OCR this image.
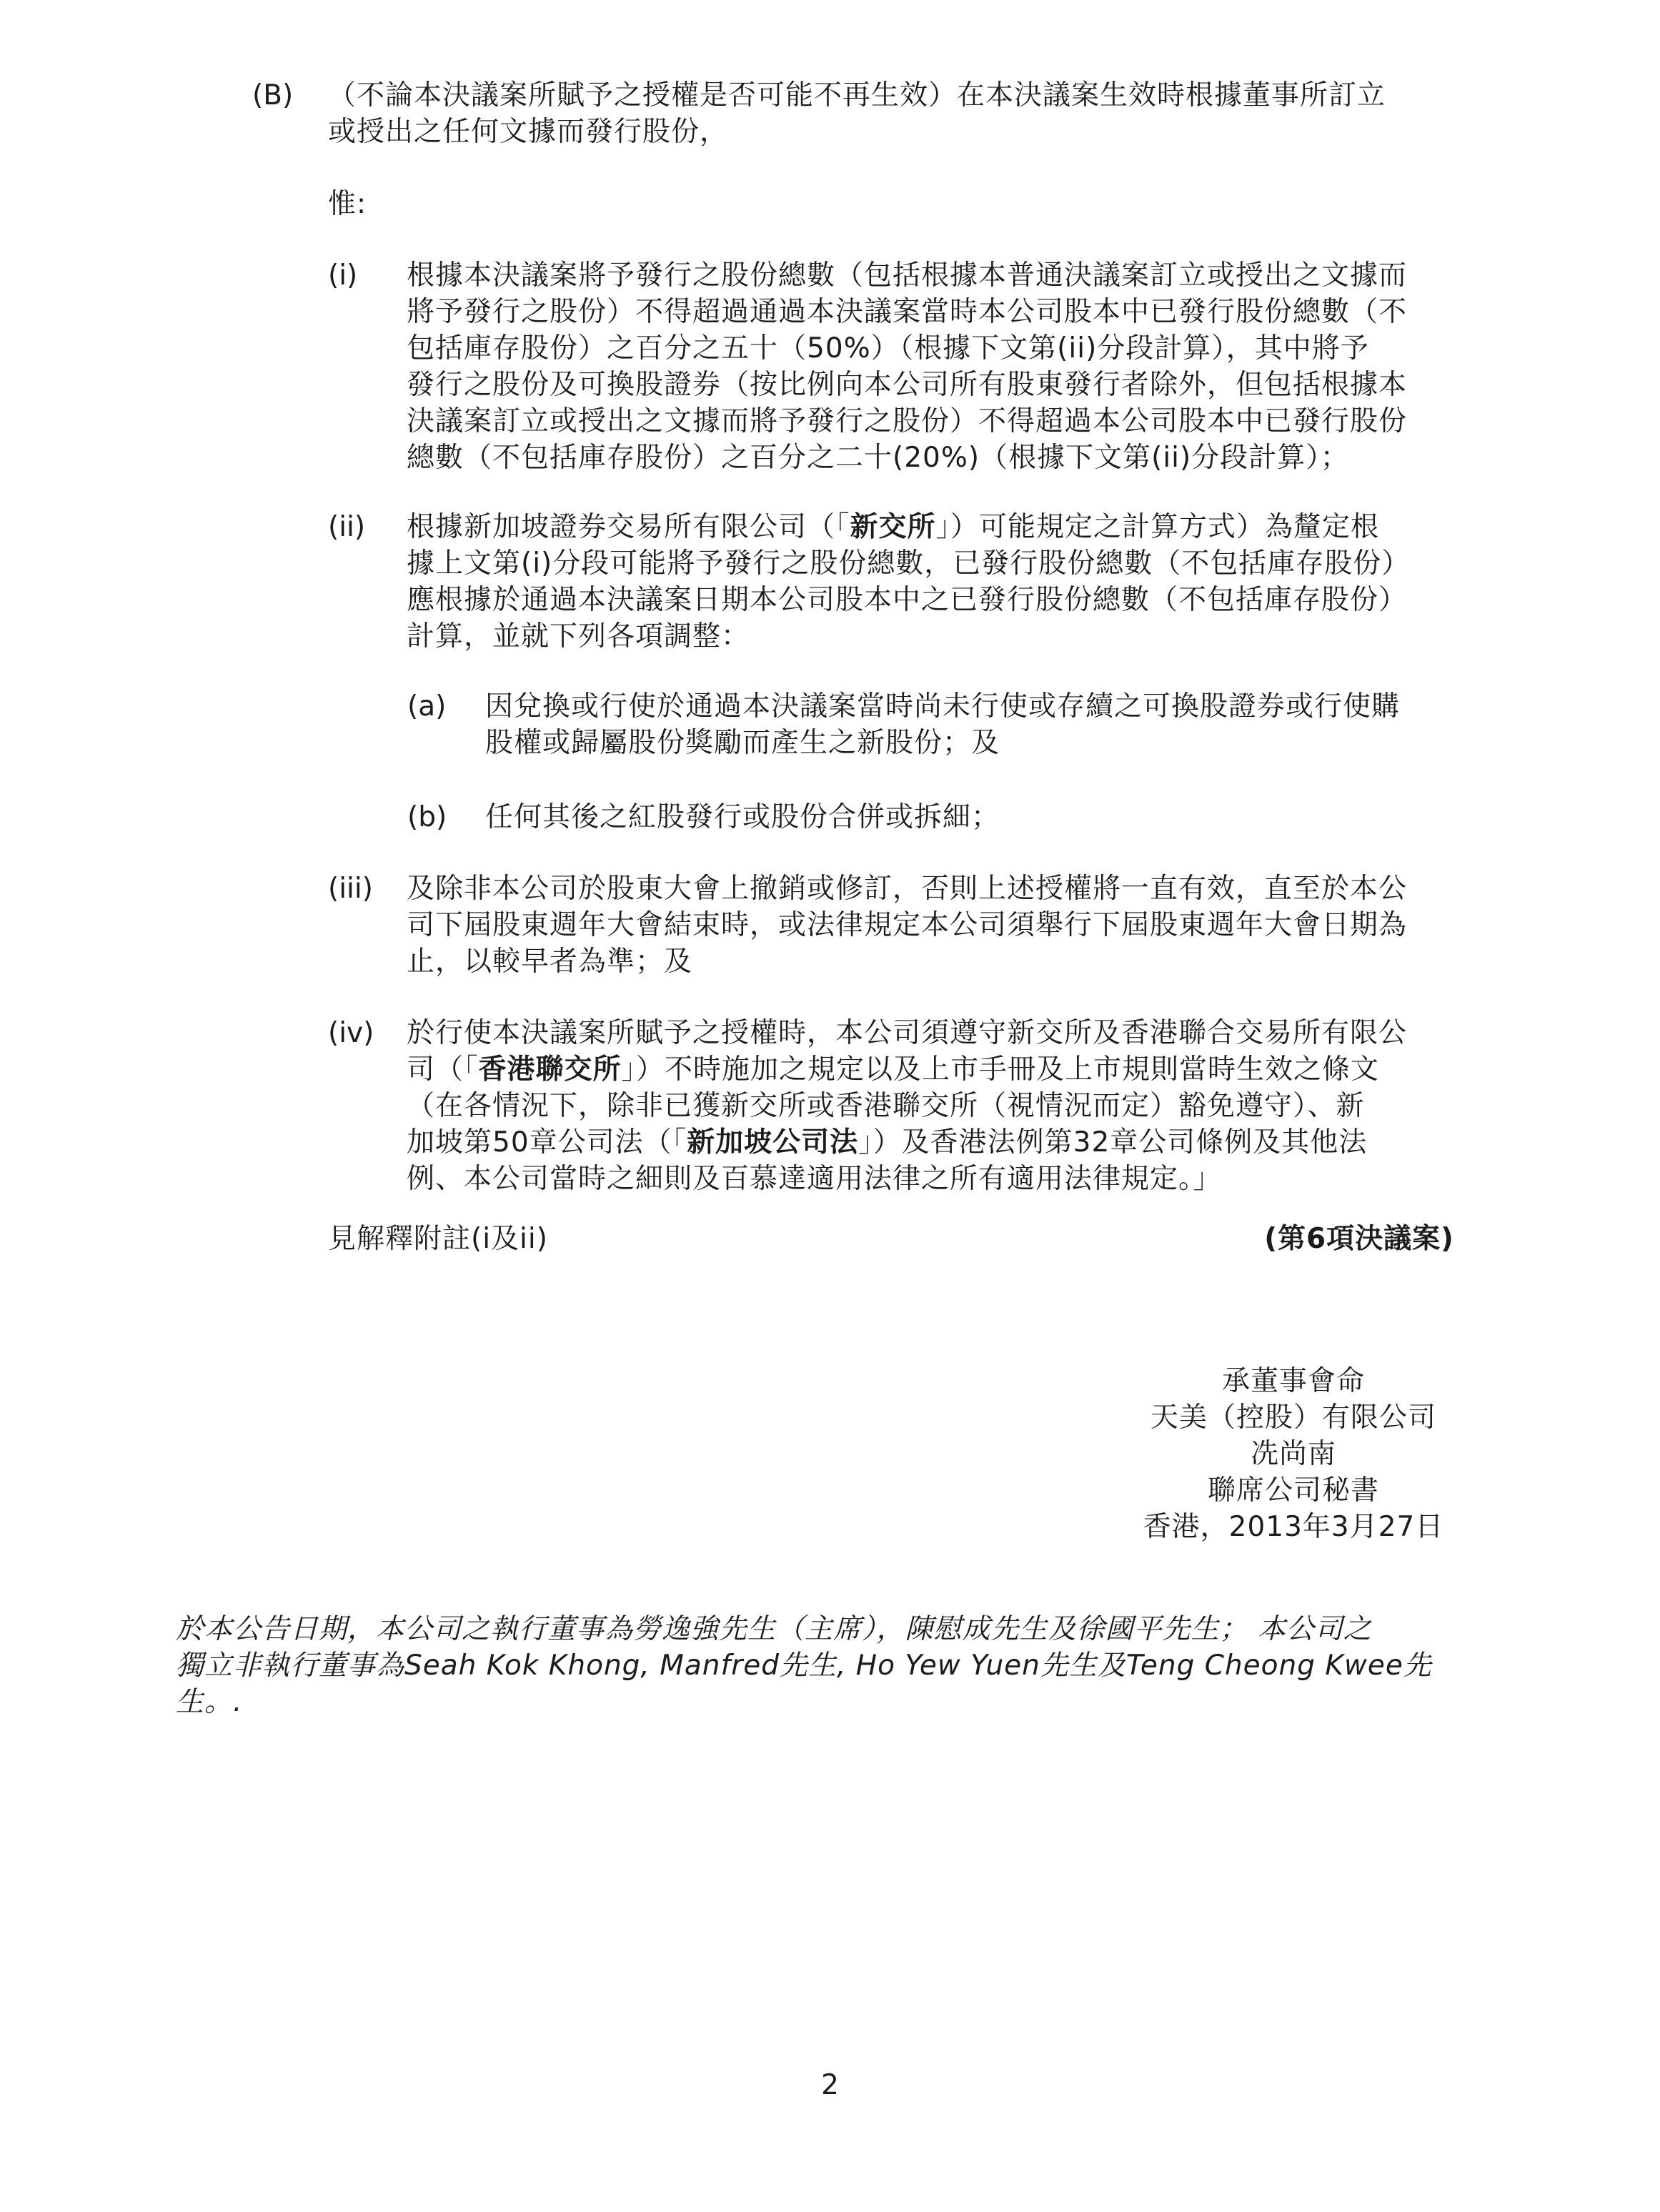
(B) （不論本決議案所賦予之授權是否可能不再生效）在本決議案生效時根據董事所訂立
或授出之任何文據而發行股份，
惟:
(i) 根據本決議案將予發行之股份總數（包括根據本普通決議案訂立或授出之文據而
將予發行之股份）不得超過通過本決議案當時本公司股本中已發行股份總數（不
包括庫存股份）之百分之五十（50%）（根據下文第(ii)分段計算），其中將予
發行之股份及可換股證券（按比例向本公司所有股東發行者除外，但包括根據本
決議案訂立或授出之文據而將予發行之股份）不得超過本公司股本中已發行股份
總數（不包括庫存股份）之百分之二十(20%)（根據下文第(ii)分段計算）；
(ii) 根據新加坡證券交易所有限公司（「新交所」）可能規定之計算方式）為釐定根
據上文第(i)分段可能將予發行之股份總數，已發行股份總數（不包括庫存股份）
應根據於通過本決議案日期本公司股本中之已發行股份總數（不包括庫存股份）
計算，並就下列各項調整：
(a) 因兌換或行使於通過本決議案當時尚未行使或存續之可換股證券或行使購
股權或歸屬股份獎勵而產生之新股份；及
(b) 任何其後之紅股發行或股份合併或拆細；
(iii) 及除非本公司於股東大會上撤銷或修訂，否則上述授權將一直有效，直至於本公
司下屆股東週年大會結束時，或法律規定本公司須舉行下屆股東週年大會日期為
止，以較早者為準；及
(iv) 於行使本決議案所賦予之授權時，本公司須遵守新交所及香港聯合交易所有限公
司（「香港聯交所」）不時施加之規定以及上市手冊及上市規則當時生效之條文
（在各情況下，除非已獲新交所或香港聯交所（視情況而定）豁免遵守）、新
加坡第50章公司法（「新加坡公司法」）及香港法例第32章公司條例及其他法
例、本公司當時之細則及百慕達適用法律之所有適用法律規定。」
見解釋附註(i及ii)	(第6項決議案)
承董事會命
天美（控股）有限公司
冼尚南
聯席公司秘書
香港，2013年3月27日
於本公告日期，本公司之執行董事為勞逸強先生（主席），陳慰成先生及徐國平先生； 本公司之
獨立非執行董事為Seah Kok Khong, Manfred先生, Ho Yew Yuen先生及Teng Cheong Kwee先
生。.
2
